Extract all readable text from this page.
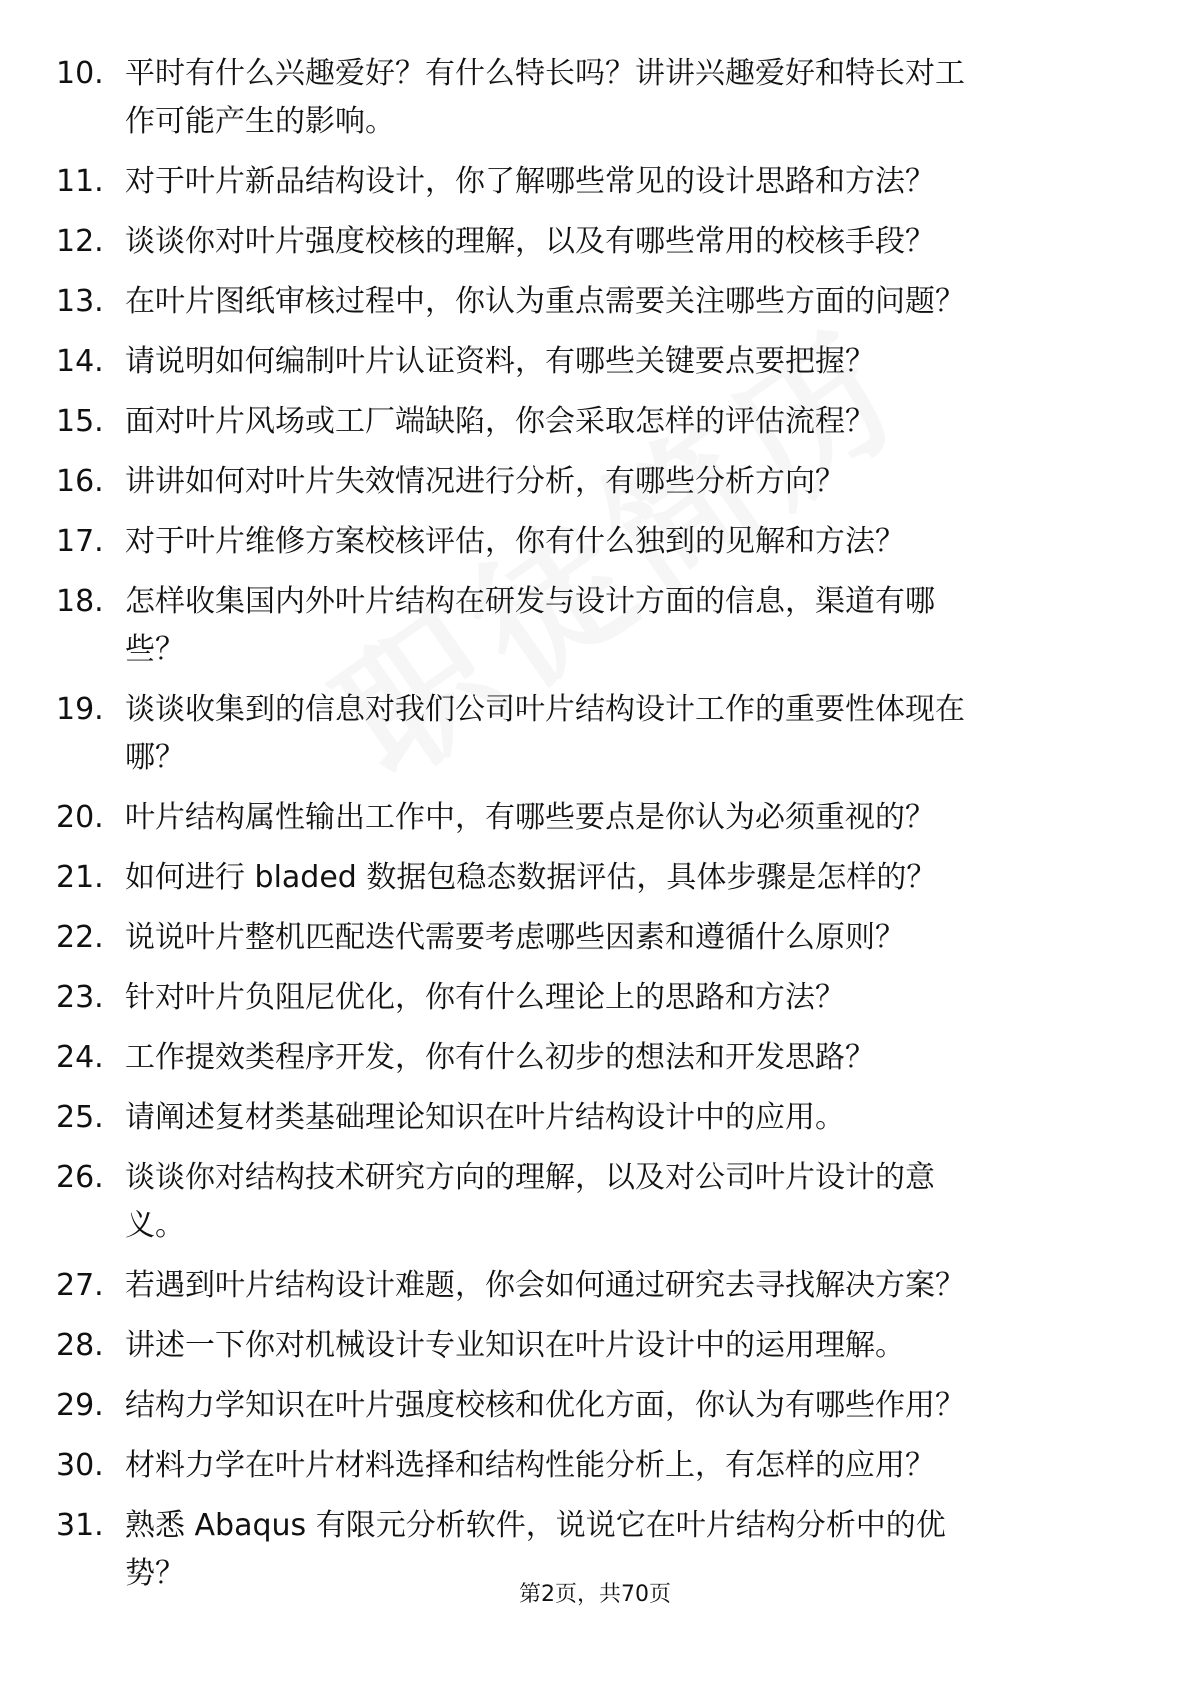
10. 平时有什么兴趣爱好？有什么特长吗？讲讲兴趣爱好和特长对工
作可能产生的影响。
11. 对于叶片新品结构设计，你了解哪些常见的设计思路和方法？
12. 谈谈你对叶片强度校核的理解，以及有哪些常用的校核手段？
13. 在叶片图纸审核过程中，你认为重点需要关注哪些方面的问题？
14. 请说明如何编制叶片认证资料，有哪些关键要点要把握？
15. 面对叶片风场或工厂端缺陷，你会采取怎样的评估流程？
16. 讲讲如何对叶片失效情况进行分析，有哪些分析方向？
17. 对于叶片维修方案校核评估，你有什么独到的见解和方法？
18. 怎样收集国内外叶片结构在研发与设计方面的信息，渠道有哪
些？
19. 谈谈收集到的信息对我们公司叶片结构设计工作的重要性体现在
哪？
20. 叶片结构属性输出工作中，有哪些要点是你认为必须重视的？
21. 如何进行 bladed 数据包稳态数据评估，具体步骤是怎样的？
22. 说说叶片整机匹配迭代需要考虑哪些因素和遵循什么原则？
23. 针对叶片负阻尼优化，你有什么理论上的思路和方法？
24. 工作提效类程序开发，你有什么初步的想法和开发思路？
25. 请阐述复材类基础理论知识在叶片结构设计中的应用。
26. 谈谈你对结构技术研究方向的理解，以及对公司叶片设计的意
义。
27. 若遇到叶片结构设计难题，你会如何通过研究去寻找解决方案？
28. 讲述一下你对机械设计专业知识在叶片设计中的运用理解。
29. 结构力学知识在叶片强度校核和优化方面，你认为有哪些作用？
30. 材料力学在叶片材料选择和结构性能分析上，有怎样的应用？
31. 熟悉 Abaqus 有限元分析软件，说说它在叶片结构分析中的优
势？
第2页，共70页
